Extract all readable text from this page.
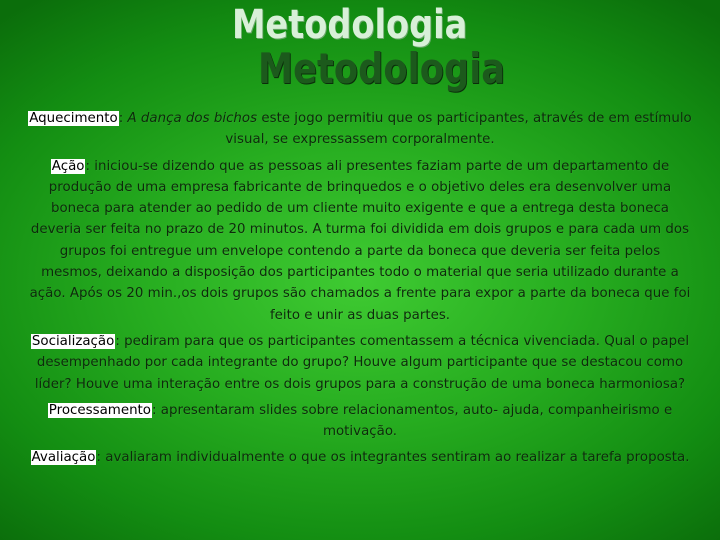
Metodologia
Metodologia

Aquecimento: A dança dos bichos este jogo permitiu que os participantes, através de em estímulo visual, se expressassem corporalmente.

Ação: iniciou-se dizendo que as pessoas ali presentes faziam parte de um departamento de produção de uma empresa fabricante de brinquedos e o objetivo deles era desenvolver uma boneca para atender ao pedido de um cliente muito exigente e que a entrega desta boneca deveria ser feita no prazo de 20 minutos. A turma foi dividida em dois grupos e para cada um dos grupos foi entregue um envelope contendo a parte da boneca que deveria ser feita pelos mesmos, deixando a disposição dos participantes todo o material que seria utilizado durante a ação. Após os 20 min.,os dois grupos são chamados a frente para expor a parte da boneca que foi feito e unir as duas partes.

Socialização: pediram para que os participantes comentassem a técnica vivenciada. Qual o papel desempenhado por cada integrante do grupo? Houve algum participante que se destacou como líder? Houve uma interação entre os dois grupos para a construção de uma boneca harmoniosa?

Processamento: apresentaram slides sobre relacionamentos, auto- ajuda, companheirismo e motivação.

Avaliação: avaliaram individualmente o que os integrantes sentiram ao realizar a tarefa proposta.
